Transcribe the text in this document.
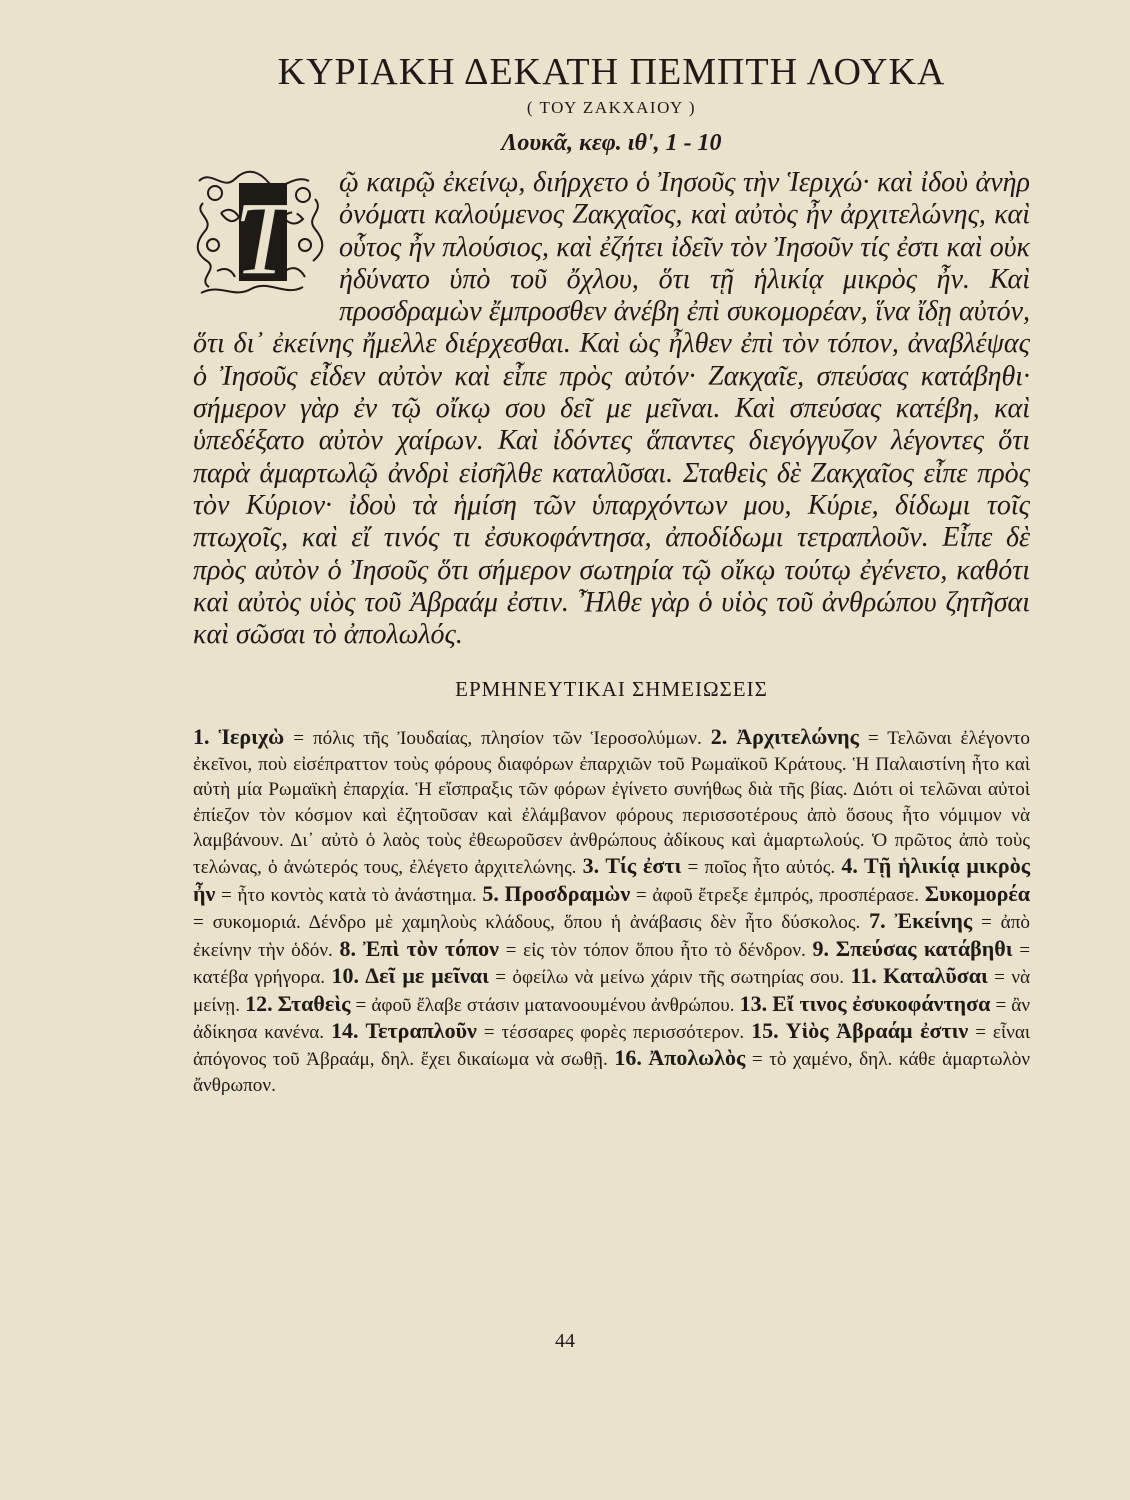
ΚΥΡΙΑΚΗ ΔΕΚΑΤΗ ΠΕΜΠΤΗ ΛΟΥΚΑ
( ΤΟΥ ΖΑΚΧΑΙΟΥ )
Λουκᾶ, κεφ. ιθ', 1 - 10
Τ ῷ καιρῷ ἐκείνῳ, διήρχετο ὁ Ἰησοῦς τὴν Ἱεριχώ· καὶ ἰδοὺ ἀνὴρ ὀνόματι καλούμενος Ζακχαῖος, καὶ αὐτὸς ἦν ἀρχιτελώνης, καὶ οὗτος ἦν πλούσιος, καὶ ἐζήτει ἰδεῖν τὸν Ἰησοῦν τίς ἐστι καὶ οὐκ ἠδύνατο ὑπὸ τοῦ ὄχλου, ὅτι τῇ ἡλικίᾳ μικρὸς ἦν. Καὶ προσδραμὼν ἔμπροσθεν ἀνέβη ἐπὶ συκομορέαν, ἵνα ἴδῃ αὐτόν, ὅτι δι᾿ ἐκείνης ἤμελλε διέρχεσθαι. Καὶ ὡς ἦλθεν ἐπὶ τὸν τόπον, ἀναβλέψας ὁ Ἰησοῦς εἶδεν αὐτὸν καὶ εἶπε πρὸς αὐτόν· Ζακχαῖε, σπεύσας κατάβηθι· σήμερον γὰρ ἐν τῷ οἴκῳ σου δεῖ με μεῖναι. Καὶ σπεύσας κατέβη, καὶ ὑπεδέξατο αὐτὸν χαίρων. Καὶ ἰδόντες ἅπαντες διεγόγγυζον λέγοντες ὅτι παρὰ ἁμαρτωλῷ ἀνδρὶ εἰσῆλθε καταλῦσαι. Σταθεὶς δὲ Ζακχαῖος εἶπε πρὸς τὸν Κύριον· ἰδοὺ τὰ ἡμίση τῶν ὑπαρχόντων μου, Κύριε, δίδωμι τοῖς πτωχοῖς, καὶ εἴ τινός τι ἐσυκοφάντησα, ἀποδίδωμι τετραπλοῦν. Εἶπε δὲ πρὸς αὐτὸν ὁ Ἰησοῦς ὅτι σήμερον σωτηρία τῷ οἴκῳ τούτῳ ἐγένετο, καθότι καὶ αὐτὸς υἱὸς τοῦ Ἀβραάμ ἐστιν. Ἦλθε γὰρ ὁ υἱὸς τοῦ ἀνθρώπου ζητῆσαι καὶ σῶσαι τὸ ἀπολωλός.
ΕΡΜΗΝΕΥΤΙΚΑΙ ΣΗΜΕΙΩΣΕΙΣ
1. Ἱεριχὼ = πόλις τῆς Ἰουδαίας, πλησίον τῶν Ἱεροσολύμων. 2. Ἀρχιτελώνης = Τελῶναι ἐλέγοντο ἐκεῖνοι, ποὺ εἰσέπραττον τοὺς φόρους διαφόρων ἐπαρχιῶν τοῦ Ρωμαϊκοῦ Κράτους. Ἡ Παλαιστίνη ἦτο καὶ αὐτὴ μία Ρωμαϊκὴ ἐπαρχία. Ἡ εἴσπραξις τῶν φόρων ἐγίνετο συνήθως διὰ τῆς βίας. Διότι οἱ τελῶναι αὐτοὶ ἐπίεζον τὸν κόσμον καὶ ἐζητοῦσαν καὶ ἐλάμβανον φόρους περισσοτέρους ἀπὸ ὅσους ἦτο νόμιμον νὰ λαμβάνουν. Δι᾿ αὐτὸ ὁ λαὸς τοὺς ἐθεωροῦσεν ἀνθρώπους ἀδίκους καὶ ἁμαρτωλούς. Ὁ πρῶτος ἀπὸ τοὺς τελώνας, ὁ ἀνώτερός τους, ἐλέγετο ἀρχιτελώνης. 3. Τίς ἐστι = ποῖος ἦτο αὐτός. 4. Τῇ ἡλικίᾳ μικρὸς ἦν = ἦτο κοντὸς κατὰ τὸ ἀνάστημα. 5. Προσδραμὼν = ἀφοῦ ἔτρεξε ἐμπρός, προσπέρασε. Συκομορέα = συκομοριά. Δένδρο μὲ χαμηλοὺς κλάδους, ὅπου ἡ ἀνάβασις δὲν ἦτο δύσκολος. 7. Ἐκείνης = ἀπὸ ἐκείνην τὴν ὁδόν. 8. Ἐπὶ τὸν τόπον = εἰς τὸν τόπον ὅπου ἦτο τὸ δένδρον. 9. Σπεύσας κατάβηθι = κατέβα γρήγορα. 10. Δεῖ με μεῖναι = ὀφείλω νὰ μείνω χάριν τῆς σωτηρίας σου. 11. Καταλῦσαι = νὰ μείνῃ. 12. Σταθεὶς = ἀφοῦ ἔλαβε στάσιν ματανοουμένου ἀνθρώπου. 13. Εἴ τινος ἐσυκοφάντησα = ἂν ἀδίκησα κανένα. 14. Τετραπλοῦν = τέσσαρες φορὲς περισσότερον. 15. Υἱὸς Ἀβραάμ ἐστιν = εἶναι ἀπόγονος τοῦ Ἀβραάμ, δηλ. ἔχει δικαίωμα νὰ σωθῇ. 16. Ἀπολωλὸς = τὸ χαμένο, δηλ. κάθε ἁμαρτωλὸν ἄνθρωπον.
44
